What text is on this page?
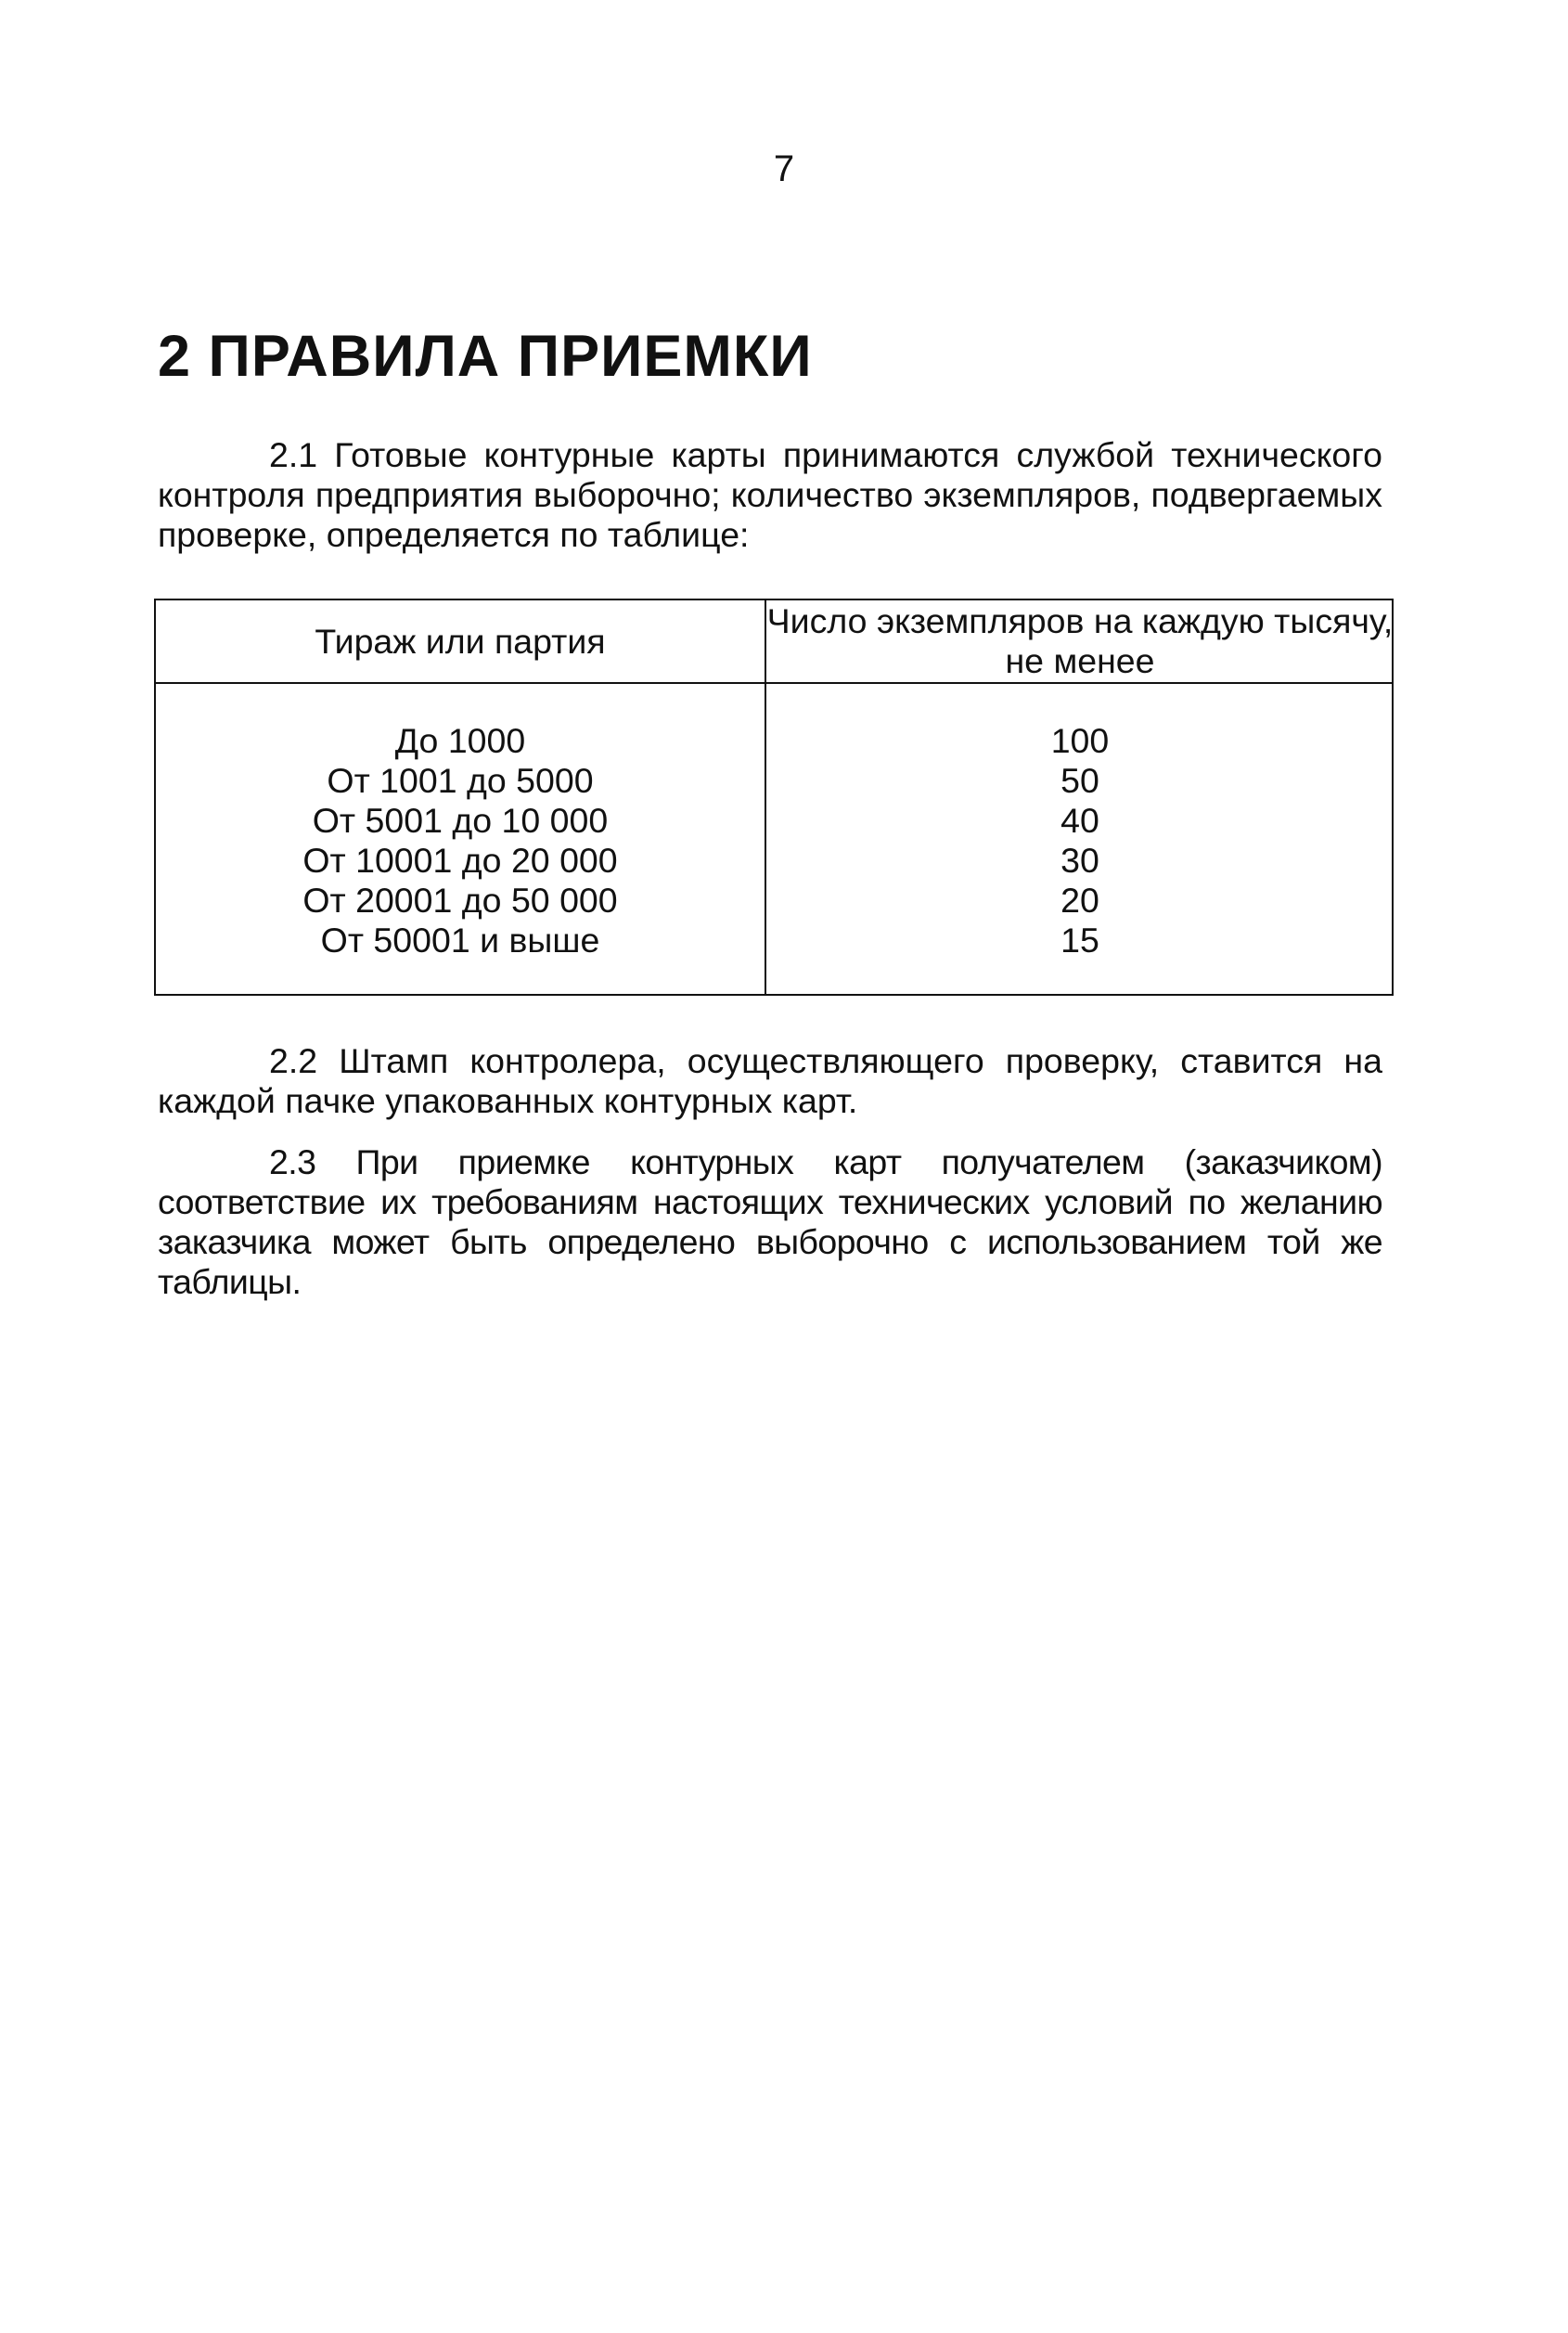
7
2 ПРАВИЛА ПРИЕМКИ
2.1 Готовые контурные карты принимаются службой технического контроля предприятия выборочно; количество экземпляров, подвергаемых проверке, определяется по таблице:
Тираж или партия
Число экземпляров на каждую тысячу, не менее
До 1000
От 1001 до 5000
От 5001 до 10 000
От 10001 до 20 000
От 20001 до 50 000
От 50001 и выше
100
50
40
30
20
15
2.2 Штамп контролера, осуществляющего проверку, ставится на каждой пачке упакованных контурных карт.
2.3 При приемке контурных карт получателем (заказчиком) соответствие их требованиям настоящих технических условий по желанию заказчика может быть определено выборочно с использованием той же таблицы.
